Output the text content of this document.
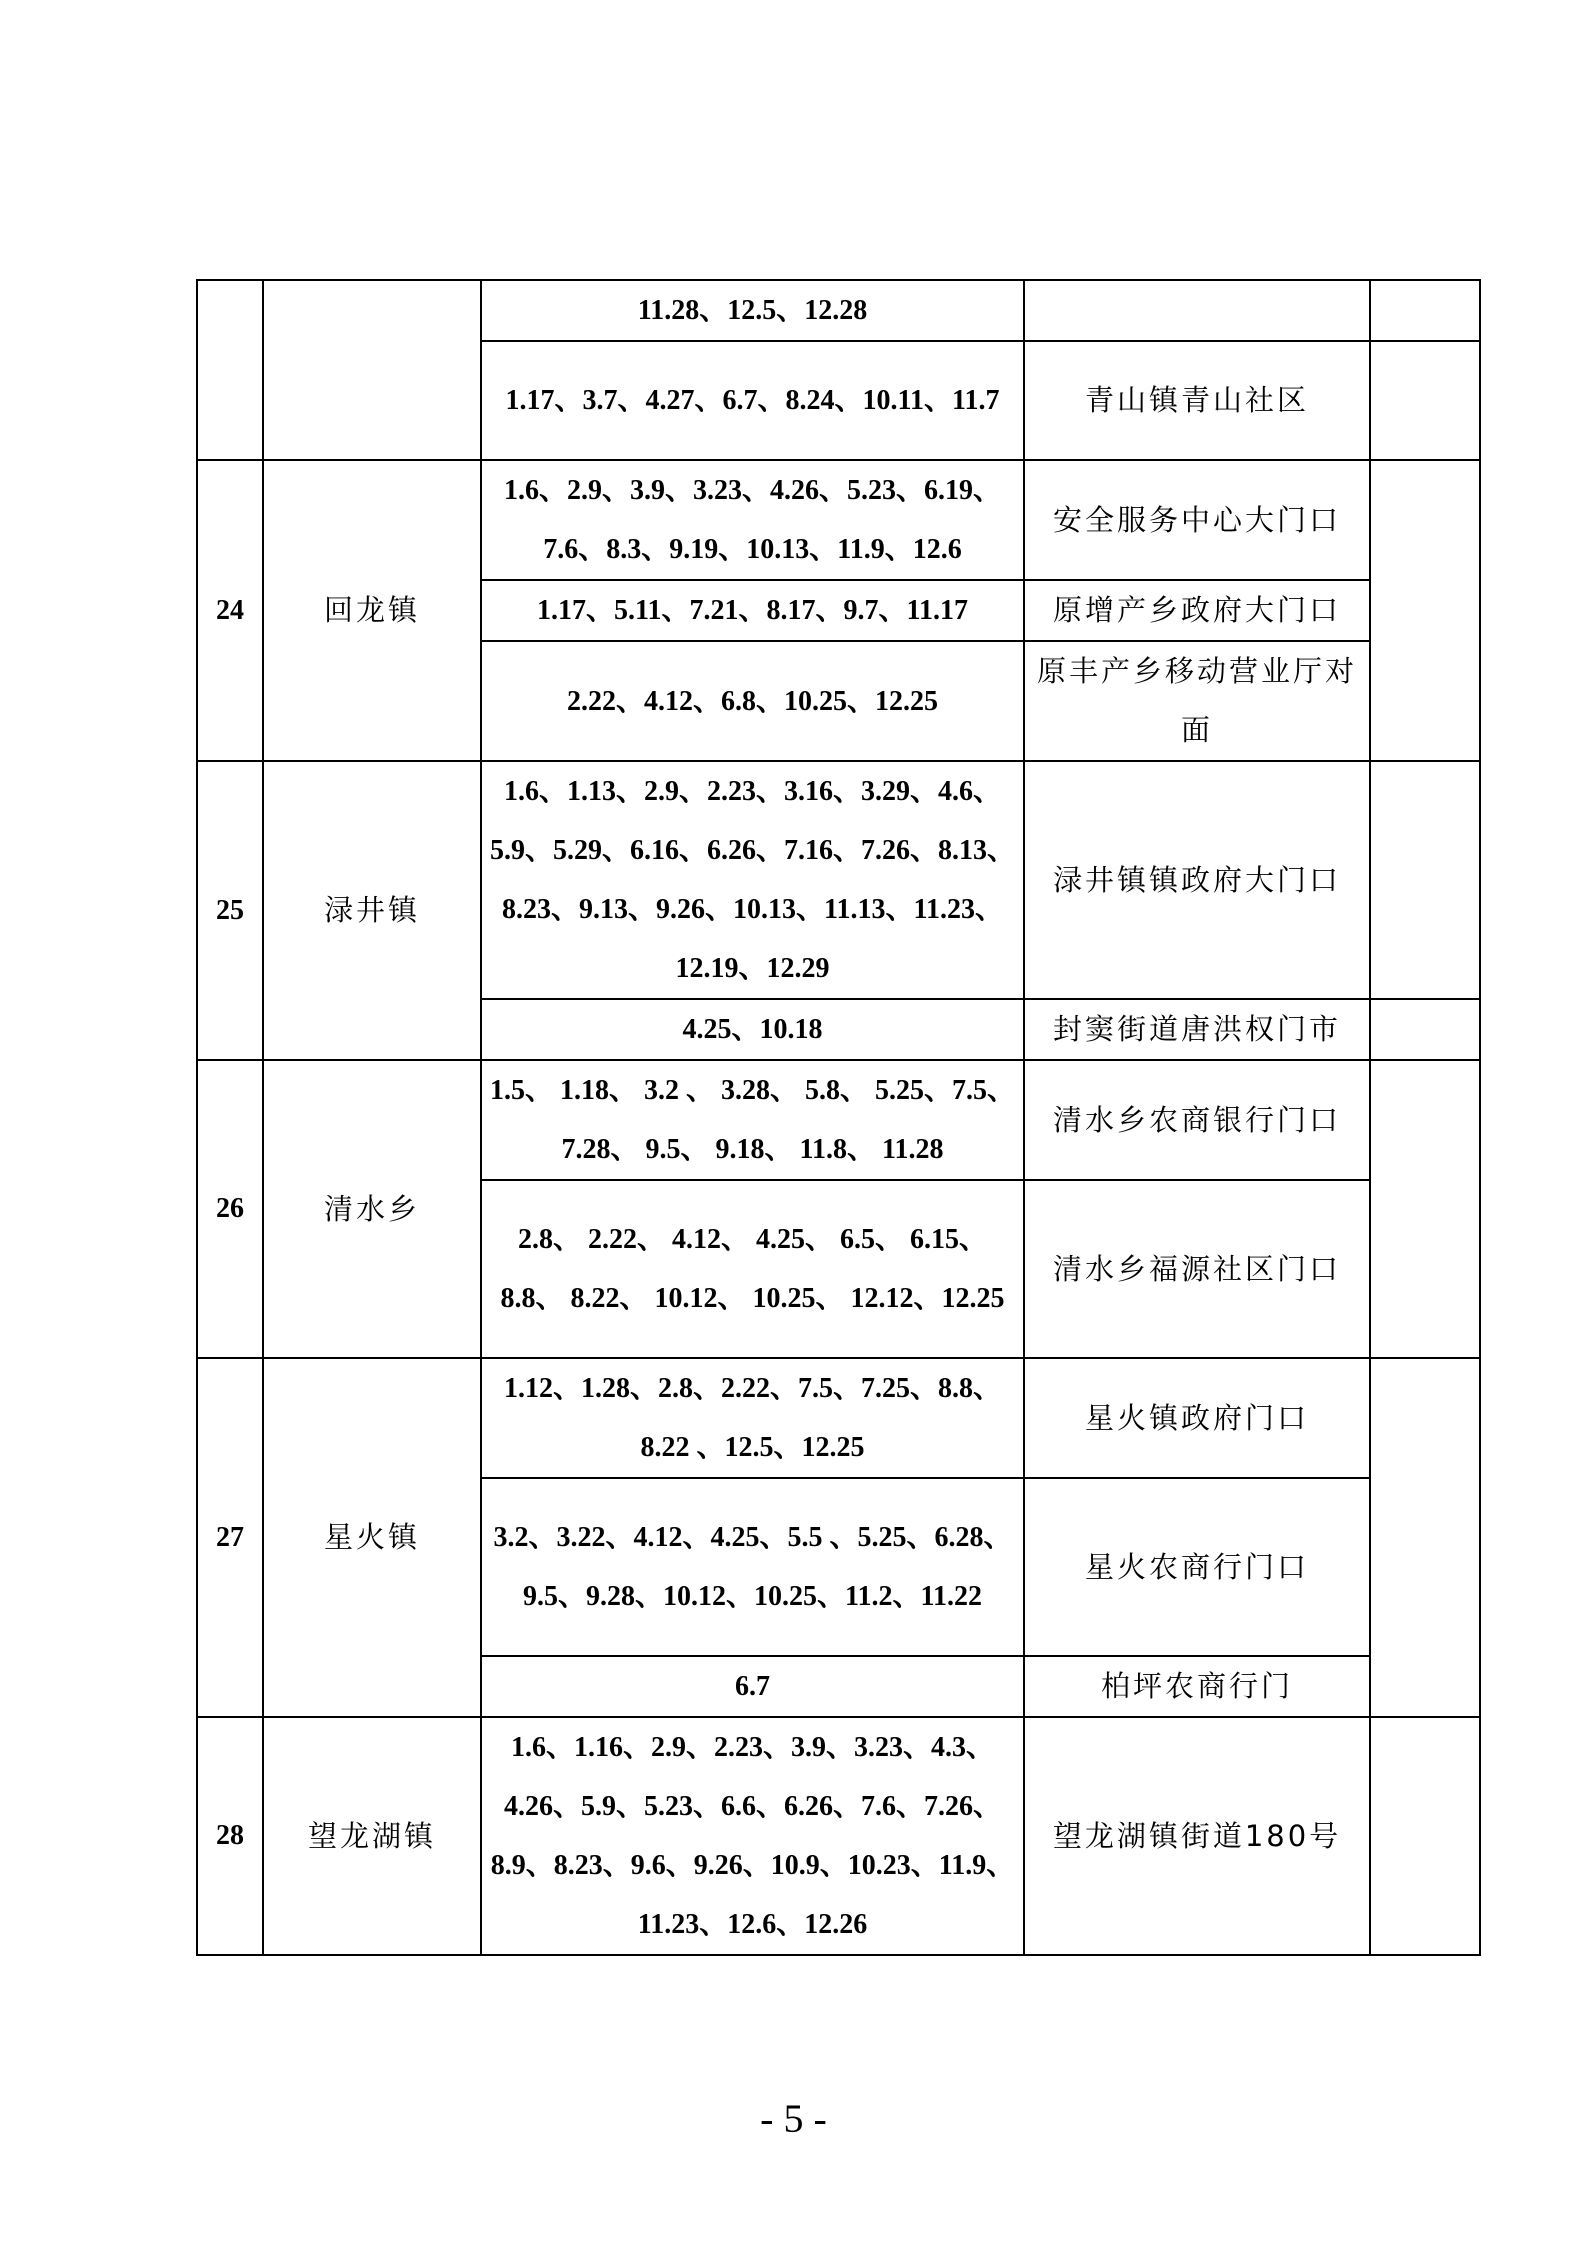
		11.28、12.5、12.28		
		1.17、3.7、4.27、6.7、8.24、10.11、11.7	青山镇青山社区	
24	回龙镇	1.6、2.9、3.9、3.23、4.26、5.23、6.19、7.6、8.3、9.19、10.13、11.9、12.6	安全服务中心大门口	
		1.17、5.11、7.21、8.17、9.7、11.17	原增产乡政府大门口	
		2.22、4.12、6.8、10.25、12.25	原丰产乡移动营业厅对面	
25	渌井镇	1.6、1.13、2.9、2.23、3.16、3.29、4.6、5.9、5.29、6.16、6.26、7.16、7.26、8.13、8.23、9.13、9.26、10.13、11.13、11.23、12.19、12.29	渌井镇镇政府大门口	
		4.25、10.18	封窦街道唐洪权门市	
26	清水乡	1.5、 1.18、 3.2 、 3.28、 5.8、 5.25、7.5、 7.28、 9.5、 9.18、 11.8、 11.28	清水乡农商银行门口	
		2.8、 2.22、 4.12、 4.25、 6.5、 6.15、8.8、 8.22、 10.12、 10.25、 12.12、12.25	清水乡福源社区门口	
27	星火镇	1.12、1.28、2.8、2.22、7.5、7.25、8.8、8.22 、12.5、12.25	星火镇政府门口	
		3.2、3.22、4.12、4.25、5.5 、5.25、6.28、9.5、9.28、10.12、10.25、11.2、11.22	星火农商行门口	
		6.7	柏坪农商行门	
28	望龙湖镇	1.6、1.16、2.9、2.23、3.9、3.23、4.3、4.26、5.9、5.23、6.6、6.26、7.6、7.26、8.9、8.23、9.6、9.26、10.9、10.23、11.9、11.23、12.6、12.26	望龙湖镇街道180号	
- 5 -
